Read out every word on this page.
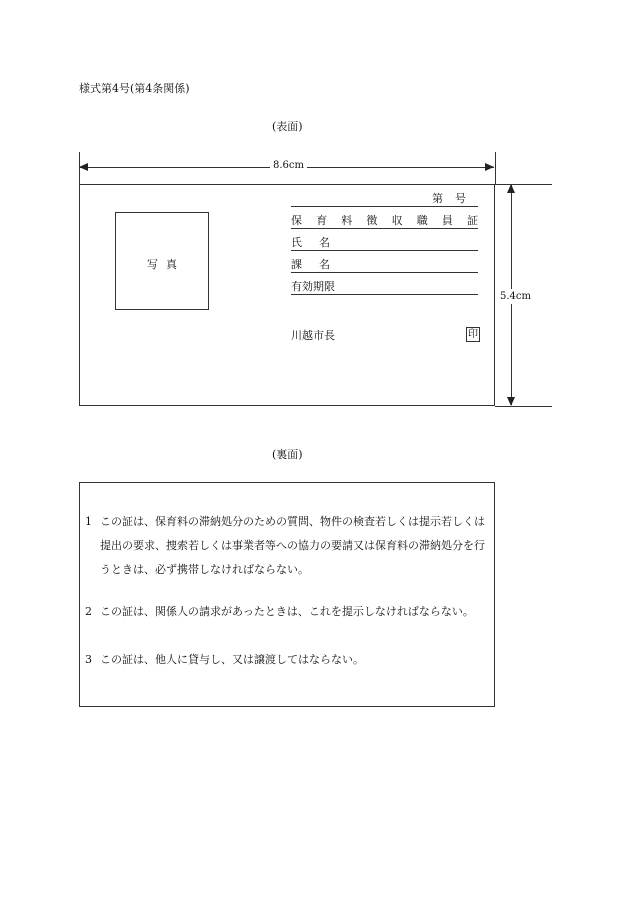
様式第4号(第4条関係)
(表面)
8.6cm
5.4cm
写真
第号
保 育 料 徴 収 職 員 証
氏名
課名
有効期限
川越市長	印
(裏面)
1 この証は、保育料の滞納処分のための質問、物件の検査若しくは提示若しくは提出の要求、捜索若しくは事業者等への協力の要請又は保育料の滞納処分を行うときは、必ず携帯しなければならない。
2 この証は、関係人の請求があったときは、これを提示しなければならない。
3 この証は、他人に貸与し、又は譲渡してはならない。
